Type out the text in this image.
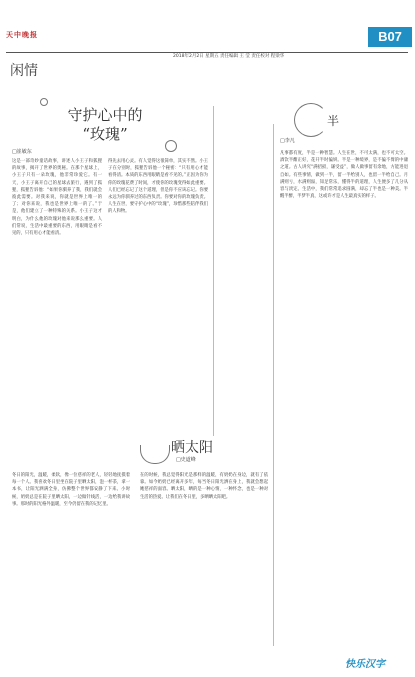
天中晚报
闲情
2018年2月2日 星期五 责任编辑 王 莹 责任校对 程梁华
B07
守护心中的
“玫瑰”
□崔敏东
这是一部奇妙童话故事，讲述人小王子和狐狸的故事，揭开了世界的奥秘。在那个星球上，小王子只有一朵玫瑰，他非常珍爱它。有一天，小王子离开自己的星球去旅行，遇到了狐狸，狐狸告诉他：“如果你驯养了我，我们就会彼此需要。对我来说，你就是世界上唯一的了；对你来说，我也是世界上唯一的了。”于是，他们建立了一种特殊的关系。小王子这才明白，为什么他的玫瑰对他来说那么重要。人们常说，生活中最重要的东西，用眼睛是看不见的，只有用心才能看清。
得先去用心灵。有人觉得这很简单，其实不然。小王子在分别时，狐狸告诉他一个秘密：“只有用心才能看得清。本质的东西用眼睛是看不见的。”正因为你为你的玫瑰花费了时间，才使你的玫瑰变得如此重要。人们已经忘记了这个道理，但是你不应该忘记。你要永远为你驯养过的东西负责。你要对你的玫瑰负责。人生在世，要守护心中的“玫瑰”，珍惜那些陪伴我们的人和物。
晒太阳
□史道峰
冬日的阳光，温暖，柔软，像一位慈祥的老人，轻轻地抚摸着每一个人。我喜欢冬日里坐在院子里晒太阳，泡一杯茶，拿一本书，让阳光洒满全身，仿佛整个世界都安静了下来。小时候，奶奶总是在院子里晒太阳，一边做针线活，一边给我讲故事。那时的阳光格外温暖，至今仍留在我的记忆里。
在的时候，我总觉得阳光是那样的温暖，有奶奶在身边，就有了依靠。如今奶奶已经离开多年，每当冬日阳光洒在身上，我就会想起她慈祥的面容。晒太阳，晒的是一种心情，一种怀念，也是一种对生活的热爱。让我们在冬日里，多晒晒太阳吧。
半
□李凡
凡事都有度，半是一种智慧。人生在世，不可太满，也不可太空。酒饮半酣正好，花开半时偏妍。半是一种境界，是不偏不倚的中庸之道。古人讲究“满招损，谦受益”，做人做事留有余地，方能进退自如。有些事情，做到一半，留一半给别人，也留一半给自己。月满则亏，水满则溢，知足常乐，懂得半的道理，人生便多了几分从容与淡定。生活中，我们常常追求圆满，却忘了半也是一种美。半醒半醉，半梦半真，这或许才是人生最真实的样子。
快乐汉字
